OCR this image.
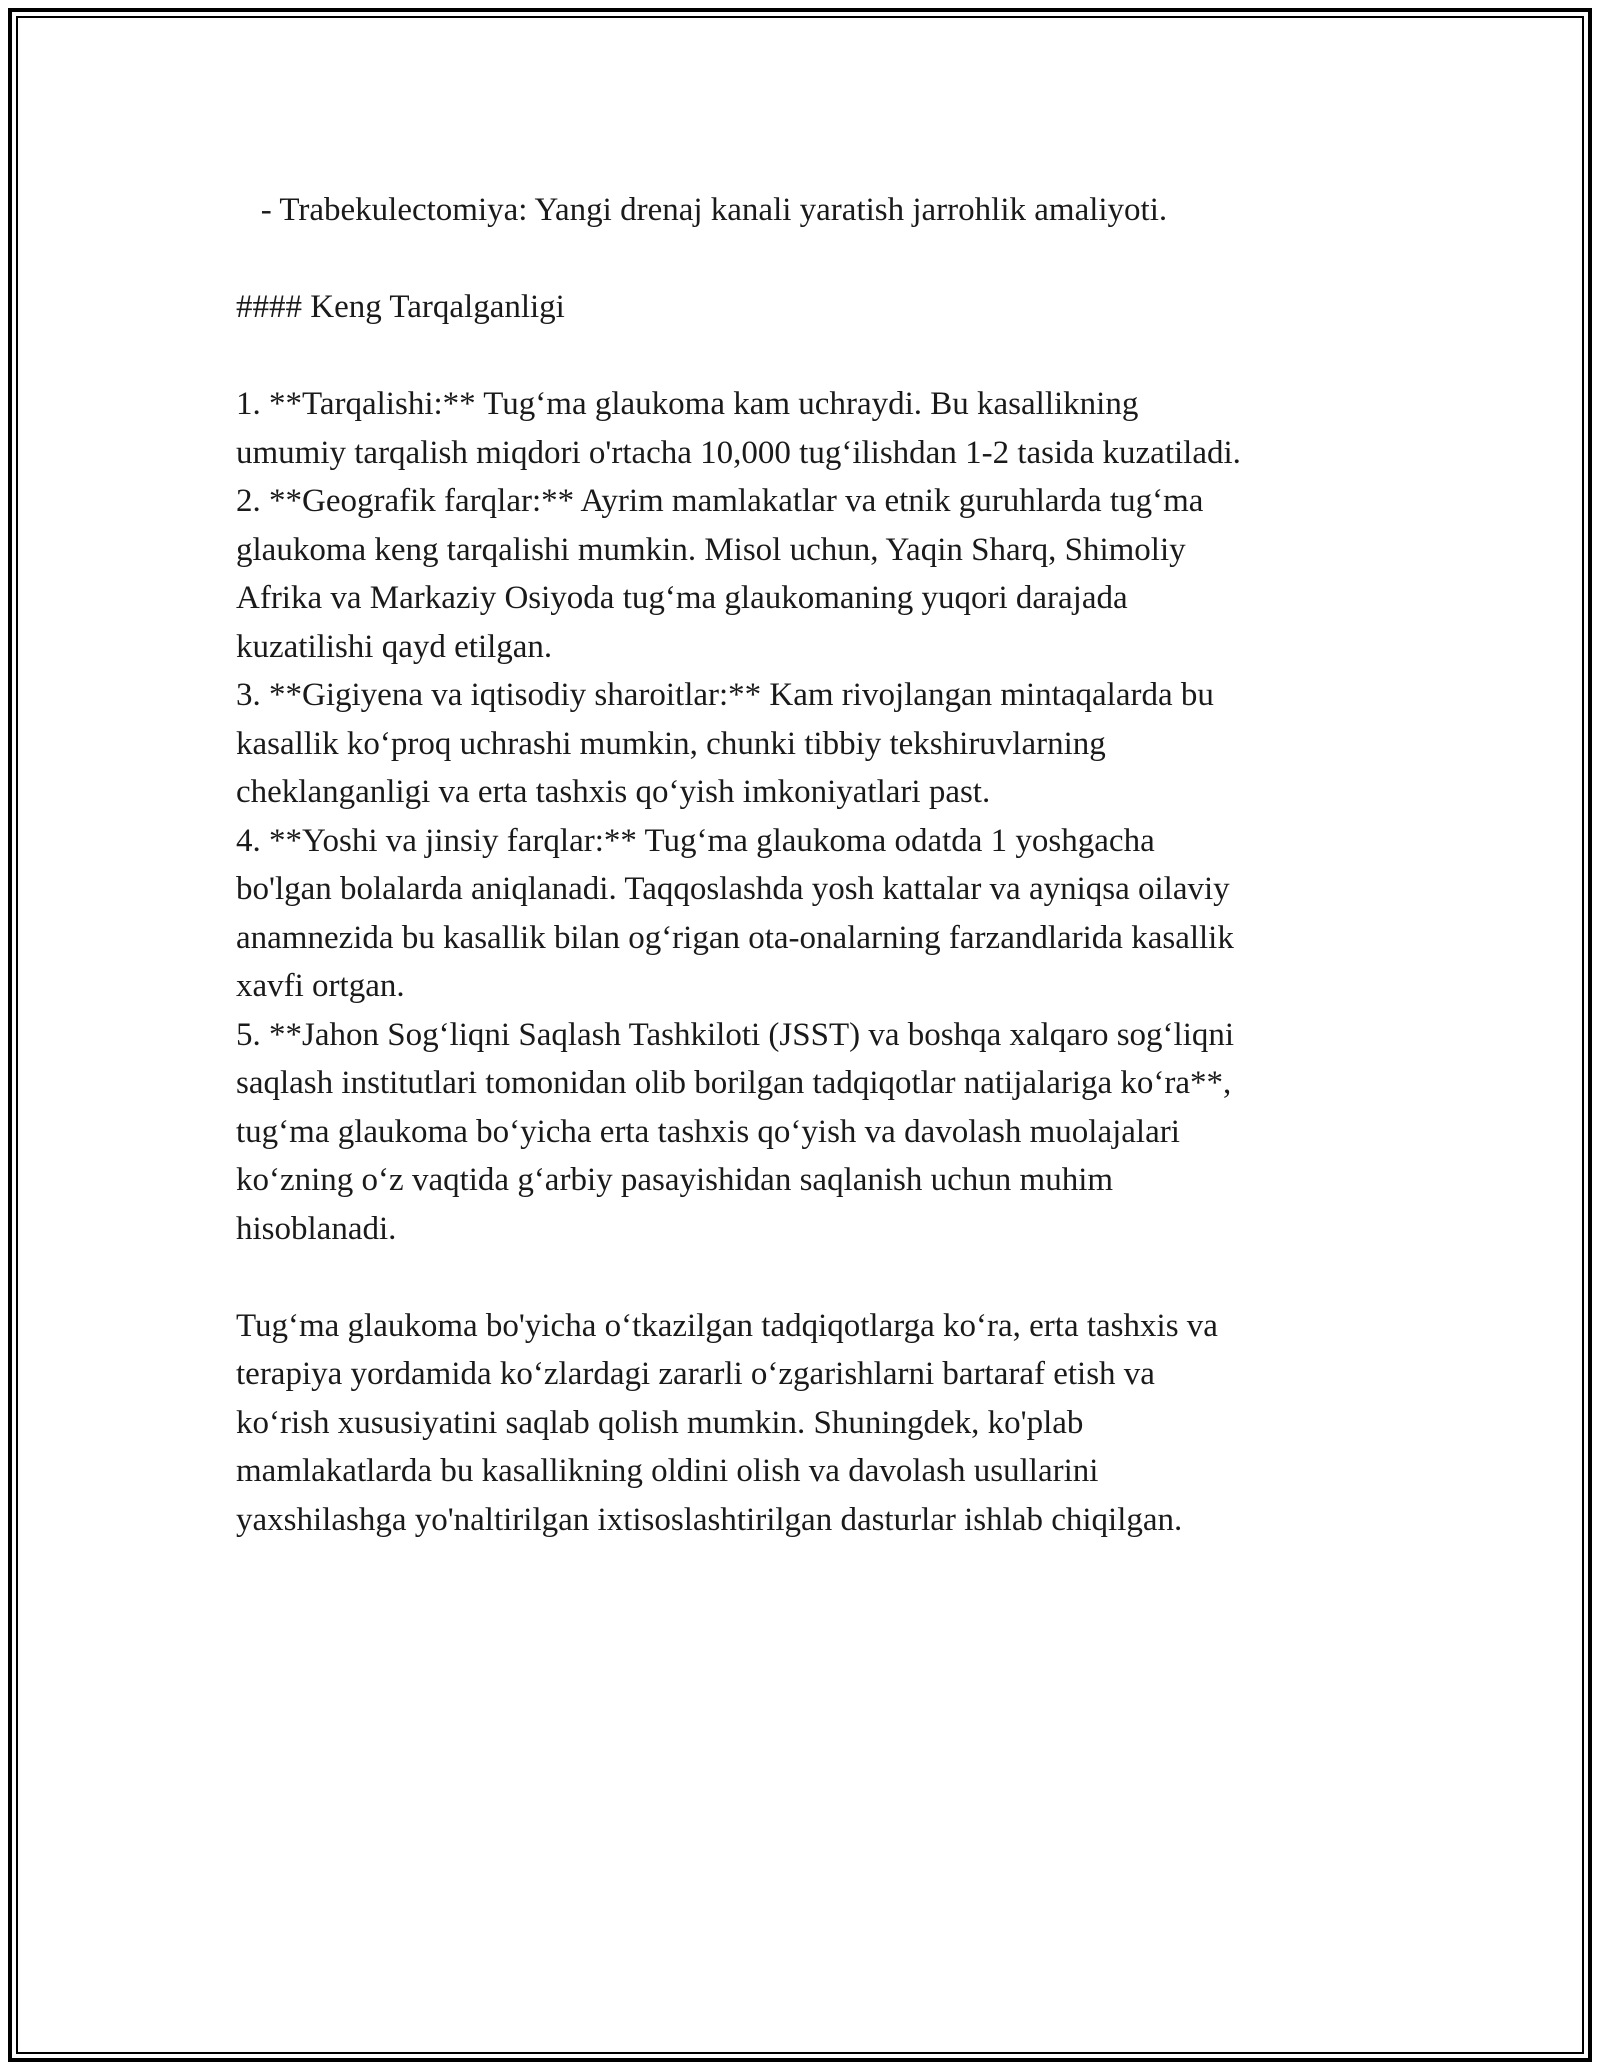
- Trabekulectomiya: Yangi drenaj kanali yaratish jarrohlik amaliyoti.
#### Keng Tarqalganligi
1. **Tarqalishi:** Tug‘ma glaukoma kam uchraydi. Bu kasallikning
umumiy tarqalish miqdori o'rtacha 10,000 tug‘ilishdan 1-2 tasida kuzatiladi.
2. **Geografik farqlar:** Ayrim mamlakatlar va etnik guruhlarda tug‘ma
glaukoma keng tarqalishi mumkin. Misol uchun, Yaqin Sharq, Shimoliy
Afrika va Markaziy Osiyoda tug‘ma glaukomaning yuqori darajada
kuzatilishi qayd etilgan.
3. **Gigiyena va iqtisodiy sharoitlar:** Kam rivojlangan mintaqalarda bu
kasallik ko‘proq uchrashi mumkin, chunki tibbiy tekshiruvlarning
cheklanganligi va erta tashxis qo‘yish imkoniyatlari past.
4. **Yoshi va jinsiy farqlar:** Tug‘ma glaukoma odatda 1 yoshgacha
bo'lgan bolalarda aniqlanadi. Taqqoslashda yosh kattalar va ayniqsa oilaviy
anamnezida bu kasallik bilan og‘rigan ota-onalarning farzandlarida kasallik
xavfi ortgan.
5. **Jahon Sog‘liqni Saqlash Tashkiloti (JSST) va boshqa xalqaro sog‘liqni
saqlash institutlari tomonidan olib borilgan tadqiqotlar natijalariga ko‘ra**,
tug‘ma glaukoma bo‘yicha erta tashxis qo‘yish va davolash muolajalari
ko‘zning o‘z vaqtida g‘arbiy pasayishidan saqlanish uchun muhim
hisoblanadi.
Tug‘ma glaukoma bo'yicha o‘tkazilgan tadqiqotlarga ko‘ra, erta tashxis va
terapiya yordamida ko‘zlardagi zararli o‘zgarishlarni bartaraf etish va
ko‘rish xususiyatini saqlab qolish mumkin. Shuningdek, ko'plab
mamlakatlarda bu kasallikning oldini olish va davolash usullarini
yaxshilashga yo'naltirilgan ixtisoslashtirilgan dasturlar ishlab chiqilgan.
